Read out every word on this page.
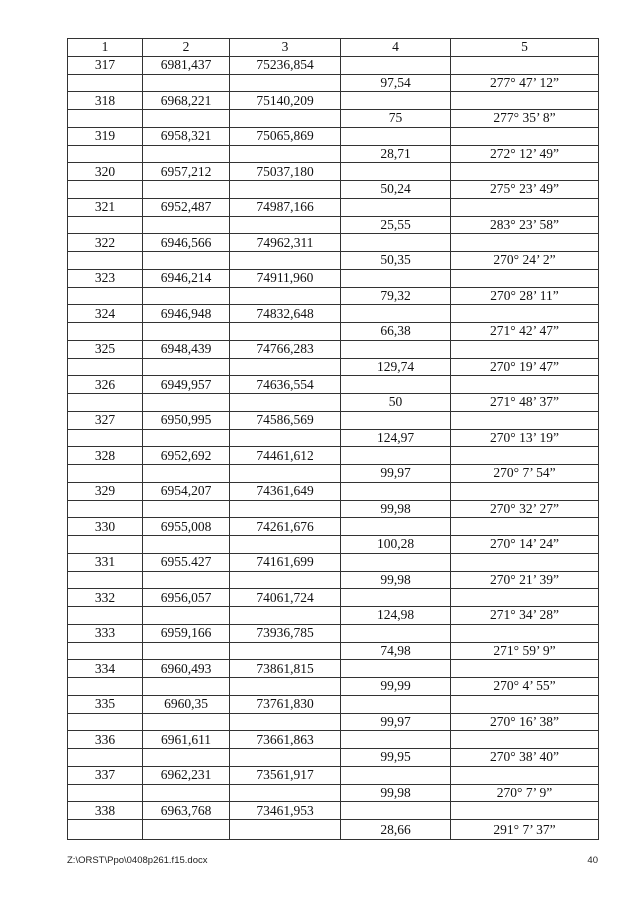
1	2	3	4	5
317	6981,437	75236,854		
			97,54	277° 47’ 12”
318	6968,221	75140,209		
			75	277° 35’ 8”
319	6958,321	75065,869		
			28,71	272° 12’ 49”
320	6957,212	75037,180		
			50,24	275° 23’ 49”
321	6952,487	74987,166		
			25,55	283° 23’ 58”
322	6946,566	74962,311		
			50,35	270° 24’ 2”
323	6946,214	74911,960		
			79,32	270° 28’ 11”
324	6946,948	74832,648		
			66,38	271° 42’ 47”
325	6948,439	74766,283		
			129,74	270° 19’ 47”
326	6949,957	74636,554		
			50	271° 48’ 37”
327	6950,995	74586,569		
			124,97	270° 13’ 19”
328	6952,692	74461,612		
			99,97	270° 7’ 54”
329	6954,207	74361,649		
			99,98	270° 32’ 27”
330	6955,008	74261,676		
			100,28	270° 14’ 24”
331	6955.427	74161,699		
			99,98	270° 21’ 39”
332	6956,057	74061,724		
			124,98	271° 34’ 28”
333	6959,166	73936,785		
			74,98	271° 59’ 9”
334	6960,493	73861,815		
			99,99	270° 4’ 55”
335	6960,35	73761,830		
			99,97	270° 16’ 38”
336	6961,611	73661,863		
			99,95	270° 38’ 40”
337	6962,231	73561,917		
			99,98	270° 7’ 9”
338	6963,768	73461,953		
			28,66	291° 7’ 37”
Z:\ORST\Ppo\0408p261.f15.docx	40
